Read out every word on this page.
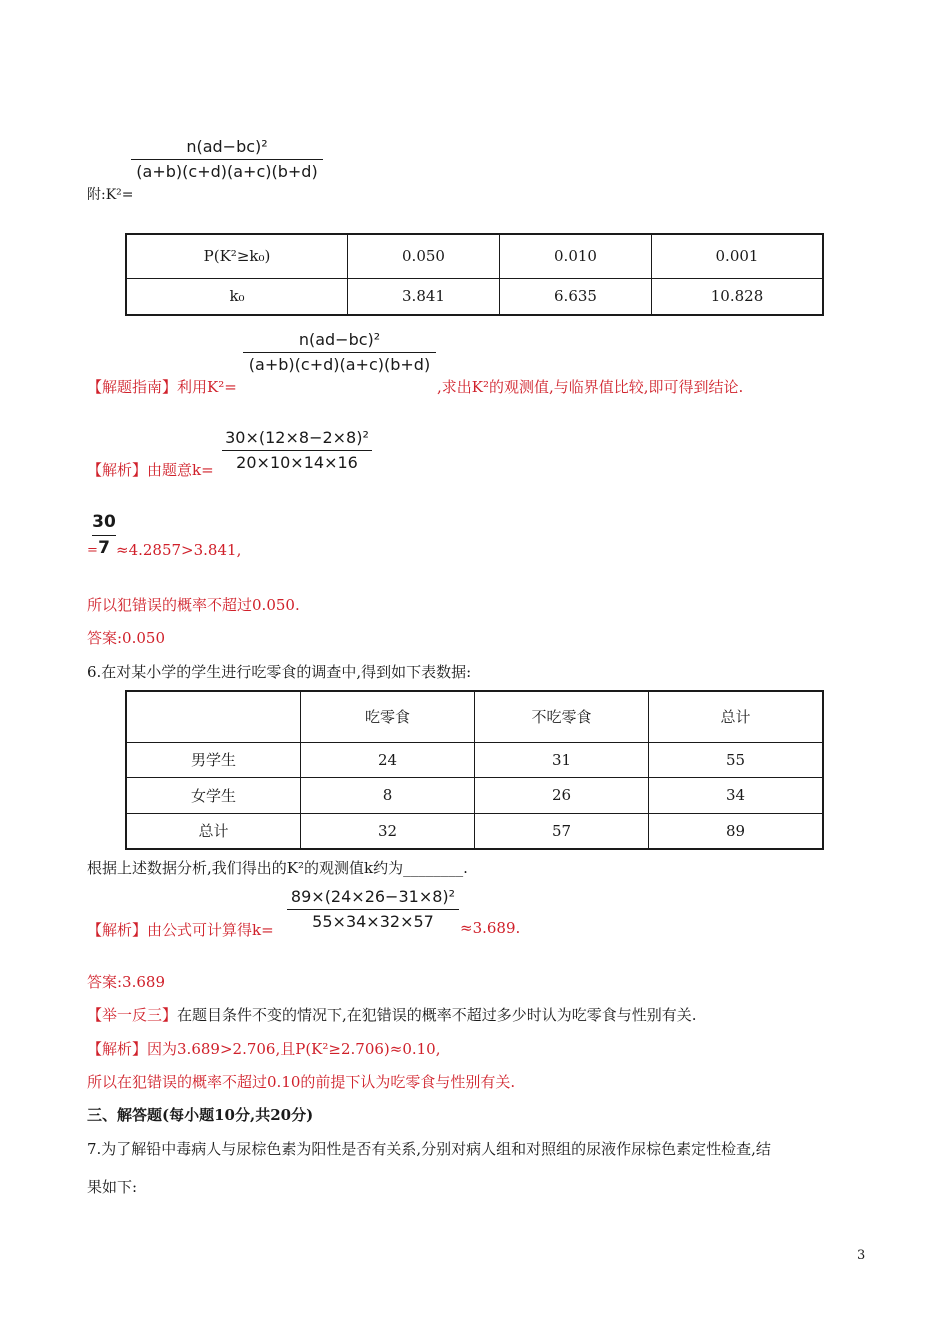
n(ad−bc)²
(a+b)(c+d)(a+c)(b+d)
附:K²=
P(K²≥k₀)	0.050	0.010	0.001
k₀	3.841	6.635	10.828
n(ad−bc)²
(a+b)(c+d)(a+c)(b+d)
【解题指南】利用K²=	,求出K²的观测值,与临界值比较,即可得到结论.
30×(12×8−2×8)²
20×10×14×16
【解析】由题意k=
30
7
= ≈4.2857>3.841,
所以犯错误的概率不超过0.050.
答案:0.050
6.在对某小学的学生进行吃零食的调查中,得到如下表数据:
	吃零食	不吃零食	总计
男学生	24	31	55
女学生	8	26	34
总计	32	57	89
根据上述数据分析,我们得出的K²的观测值k约为________.
89×(24×26−31×8)²
55×34×32×57
【解析】由公式可计算得k=	≈3.689.
答案:3.689
【举一反三】在题目条件不变的情况下,在犯错误的概率不超过多少时认为吃零食与性别有关.
【解析】因为3.689>2.706,且P(K²≥2.706)≈0.10,
所以在犯错误的概率不超过0.10的前提下认为吃零食与性别有关.
三、解答题(每小题10分,共20分)
7.为了解铅中毒病人与尿棕色素为阳性是否有关系,分别对病人组和对照组的尿液作尿棕色素定性检查,结
果如下:
3
